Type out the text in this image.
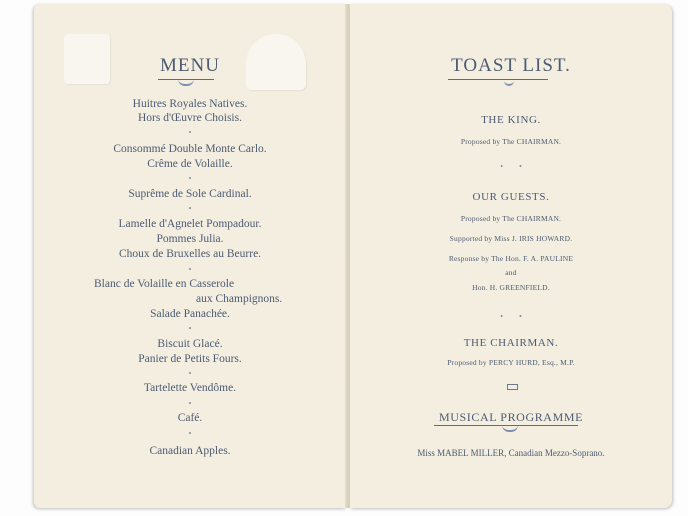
MENU
Huitres Royales Natives.
Hors d'Œuvre Choisis.
•
Consommé Double Monte Carlo.
Crême de Volaille.
•
Suprême de Sole Cardinal.
•
Lamelle d'Agnelet Pompadour.
Pommes Julia.
Choux de Bruxelles au Beurre.
•
Blanc de Volaille en Casserole
aux Champignons.
Salade Panachée.
•
Biscuit Glacé.
Panier de Petits Fours.
•
Tartelette Vendôme.
•
Café.
•
Canadian Apples.
TOAST LIST.
THE KING.
Proposed by The CHAIRMAN.
•        •
OUR GUESTS.
Proposed by The CHAIRMAN.
Supported by Miss J. IRIS HOWARD.
Response by The Hon. F. A. PAULINE
and
Hon. H. GREENFIELD.
•        •
THE CHAIRMAN.
Proposed by PERCY HURD, Esq., M.P.
MUSICAL PROGRAMME
Miss MABEL MILLER, Canadian Mezzo-Soprano.
